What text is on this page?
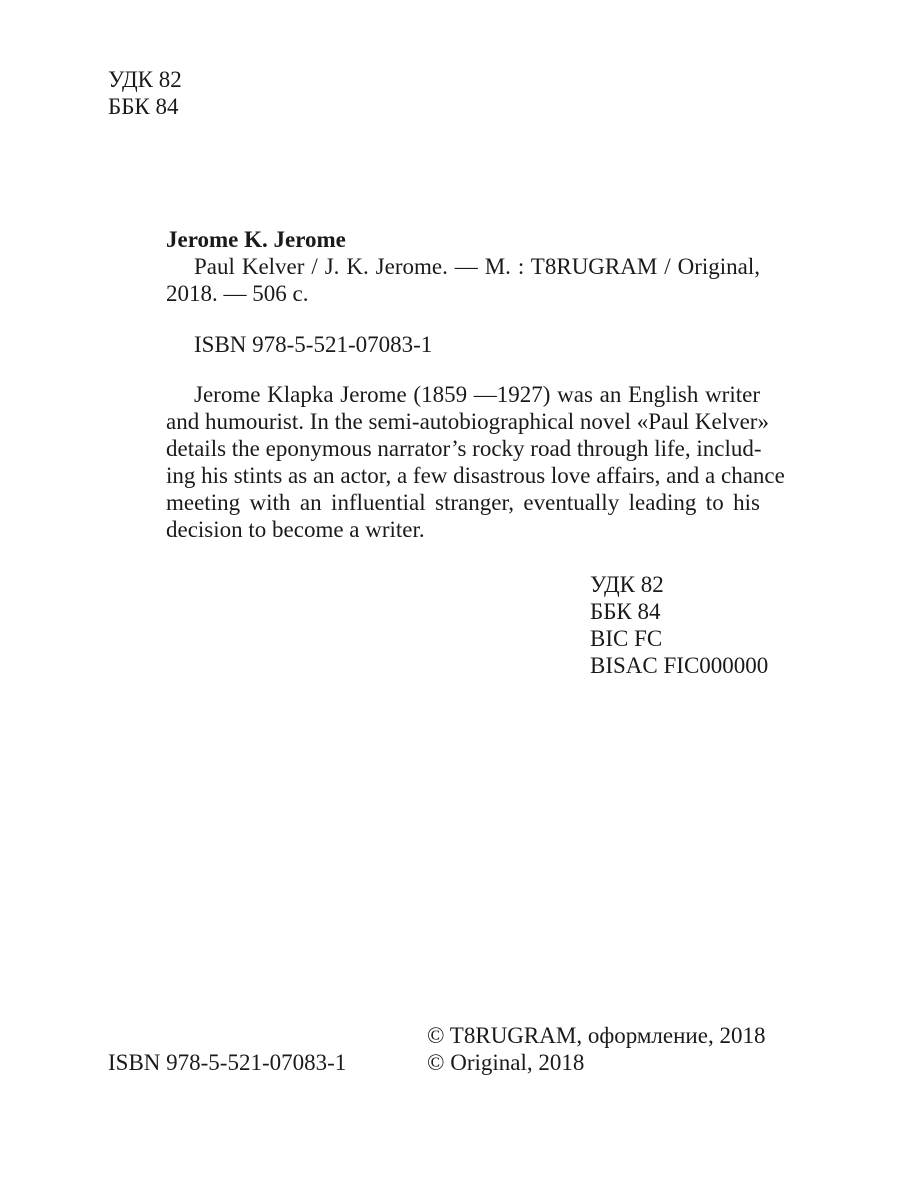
УДК 82
ББК 84
Jerome K. Jerome
Paul Kelver / J. K. Jerome. — M. : T8RUGRAM / Original,
2018. — 506 с.
ISBN 978-5-521-07083-1
Jerome Klapka Jerome (1859 —1927) was an English writer
and humourist. In the semi-autobiographical novel «Paul Kelver»
details the eponymous narrator’s rocky road through life, includ-
ing his stints as an actor, a few disastrous love affairs, and a chance
meeting with an influential stranger, eventually leading to his
decision to become a writer.
УДК 82
ББК 84
BIC FC
BISAC FIC000000
ISBN 978-5-521-07083-1
© T8RUGRAM, оформление, 2018
© Original, 2018
